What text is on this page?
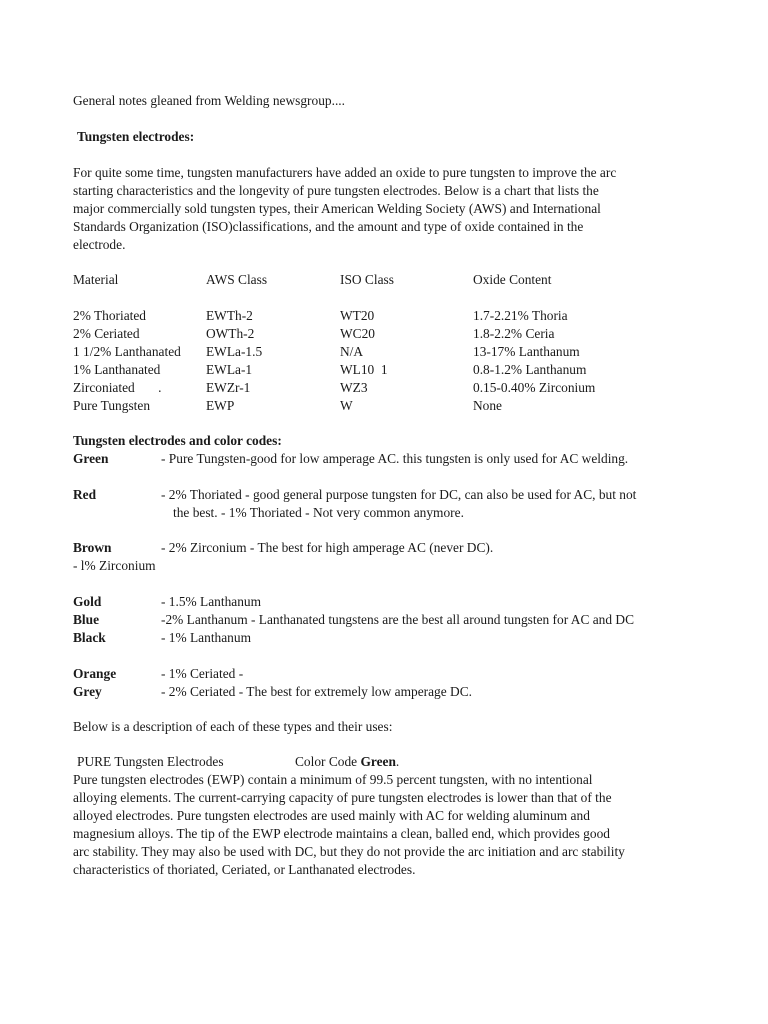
General notes gleaned from Welding newsgroup....
Tungsten electrodes:
For quite some time, tungsten manufacturers have added an oxide to pure tungsten to improve the arc
starting characteristics and the longevity of pure tungsten electrodes. Below is a chart that lists the
major commercially sold tungsten types, their American Welding Society (AWS) and International
Standards Organization (ISO)classifications, and the amount and type of oxide contained in the
electrode.
Material	AWS Class	ISO Class	Oxide Content
2% Thoriated	EWTh-2	WT20	1.7-2.21% Thoria
2% Ceriated	OWTh-2	WC20	1.8-2.2% Ceria
1 1/2% Lanthanated EWLa-1.5	N/A	13-17% Lanthanum
1% Lanthanated	EWLa-1	WL10  1	0.8-1.2% Lanthanum
Zirconiated       .	EWZr-1	WZ3	0.15-0.40% Zirconium
Pure Tungsten	EWP	W	None
Tungsten electrodes and color codes:
Green	- Pure Tungsten-good for low amperage AC. this tungsten is only used for AC welding.
Red	- 2% Thoriated - good general purpose tungsten for DC, can also be used for AC, but not
the best. - 1% Thoriated - Not very common anymore.
Brown	- 2% Zirconium - The best for high amperage AC (never DC).
- l% Zirconium
Gold	- 1.5% Lanthanum
Blue	-2% Lanthanum - Lanthanated tungstens are the best all around tungsten for AC and DC
Black	- 1% Lanthanum
Orange	- 1% Ceriated -
Grey	- 2% Ceriated - The best for extremely low amperage DC.
Below is a description of each of these types and their uses:
PURE Tungsten Electrodes	Color Code Green.
Pure tungsten electrodes (EWP) contain a minimum of 99.5 percent tungsten, with no intentional
alloying elements. The current-carrying capacity of pure tungsten electrodes is lower than that of the
alloyed electrodes. Pure tungsten electrodes are used mainly with AC for welding aluminum and
magnesium alloys. The tip of the EWP electrode maintains a clean, balled end, which provides good
arc stability. They may also be used with DC, but they do not provide the arc initiation and arc stability
characteristics of thoriated, Ceriated, or Lanthanated electrodes.
